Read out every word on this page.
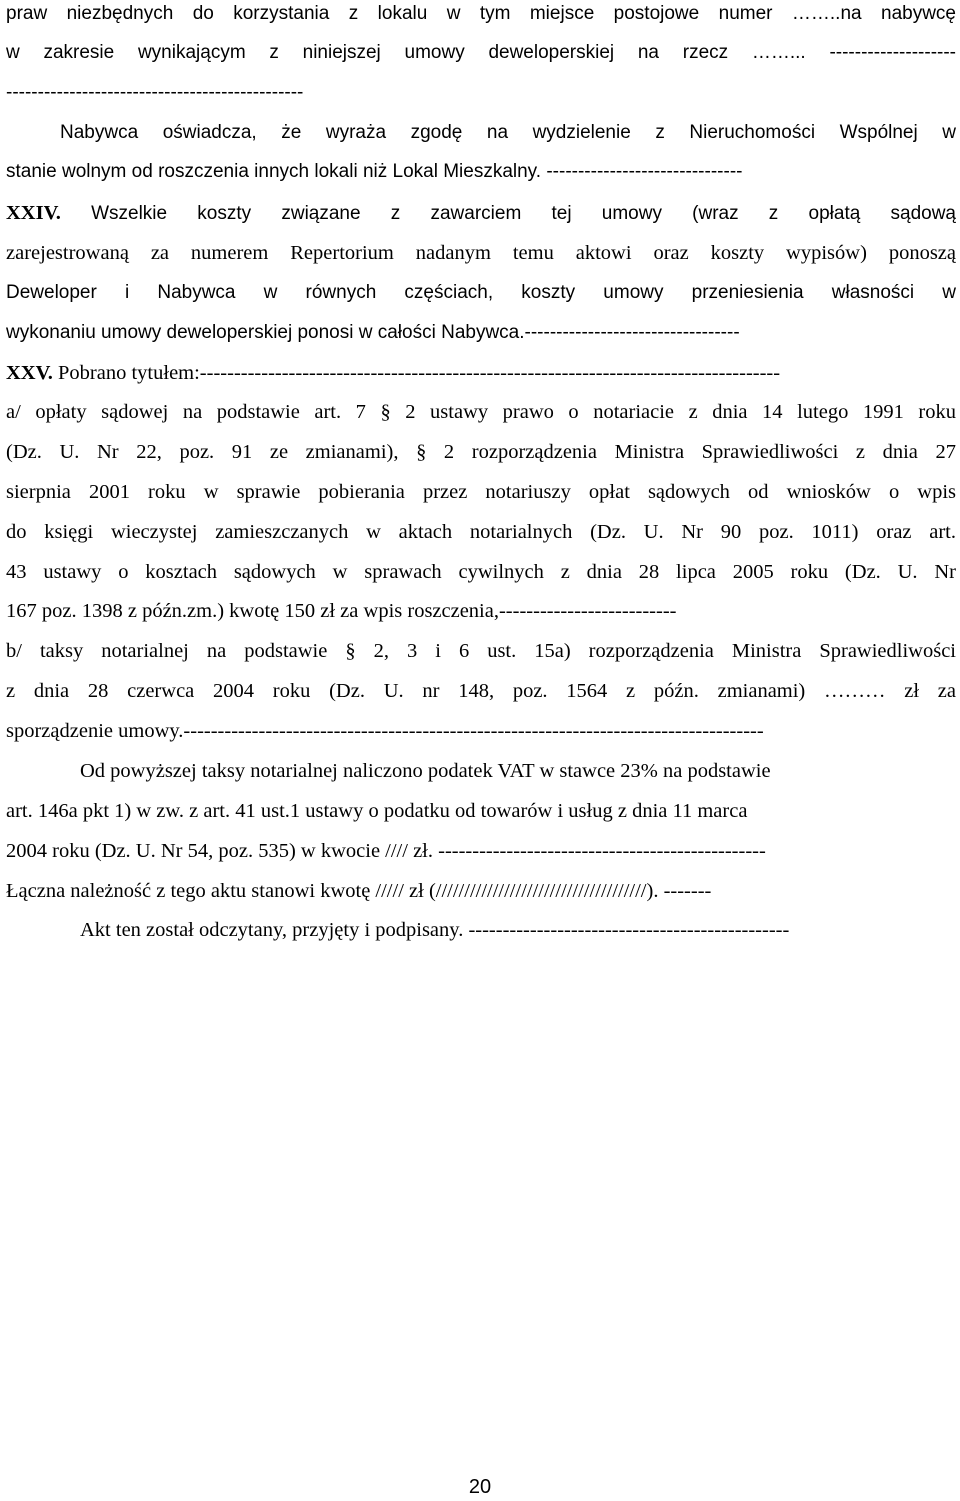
praw niezbędnych do korzystania z lokalu w tym miejsce postojowe numer ……..na nabywcę
w zakresie wynikającym z niniejszej umowy deweloperskiej na rzecz ……... --------------------
-----------------------------------------------
Nabywca oświadcza, że wyraża zgodę na wydzielenie z Nieruchomości Wspólnej w
stanie wolnym od roszczenia innych lokali niż Lokal Mieszkalny. -------------------------------
XXIV. Wszelkie koszty związane z zawarciem tej umowy (wraz z opłatą sądową
zarejestrowaną za numerem Repertorium nadanym temu aktowi oraz koszty wypisów) ponoszą
Deweloper i Nabywca w równych częściach, koszty umowy przeniesienia własności w
wykonaniu umowy deweloperskiej ponosi w całości Nabywca.----------------------------------
XXV. Pobrano tytułem:-------------------------------------------------------------------------------------
a/ opłaty sądowej na podstawie art. 7 § 2 ustawy prawo o notariacie z dnia 14 lutego 1991 roku
(Dz. U. Nr 22, poz. 91 ze zmianami), § 2 rozporządzenia Ministra Sprawiedliwości z dnia 27
sierpnia 2001 roku w sprawie pobierania przez notariuszy opłat sądowych od wniosków o wpis
do księgi wieczystej zamieszczanych w aktach notarialnych (Dz. U. Nr 90 poz. 1011) oraz art.
43 ustawy o kosztach sądowych w sprawach cywilnych z dnia 28 lipca 2005 roku (Dz. U. Nr
167 poz. 1398 z późn.zm.) kwotę 150 zł za wpis roszczenia,--------------------------
b/ taksy notarialnej na podstawie § 2, 3 i 6 ust. 15a) rozporządzenia Ministra Sprawiedliwości
z dnia 28 czerwca 2004 roku (Dz. U. nr 148, poz. 1564 z późn. zmianami) ……… zł za
sporządzenie umowy.-------------------------------------------------------------------------------------
Od powyższej taksy notarialnej naliczono podatek VAT w stawce 23% na podstawie
art. 146a pkt 1) w zw. z art. 41 ust.1 ustawy o podatku od towarów i usług z dnia 11 marca
2004 roku (Dz. U. Nr 54, poz. 535) w kwocie //// zł. ------------------------------------------------
Łączna należność z tego aktu stanowi kwotę ///// zł (/////////////////////////////////////). -------
Akt ten został odczytany, przyjęty i podpisany. -----------------------------------------------
20
